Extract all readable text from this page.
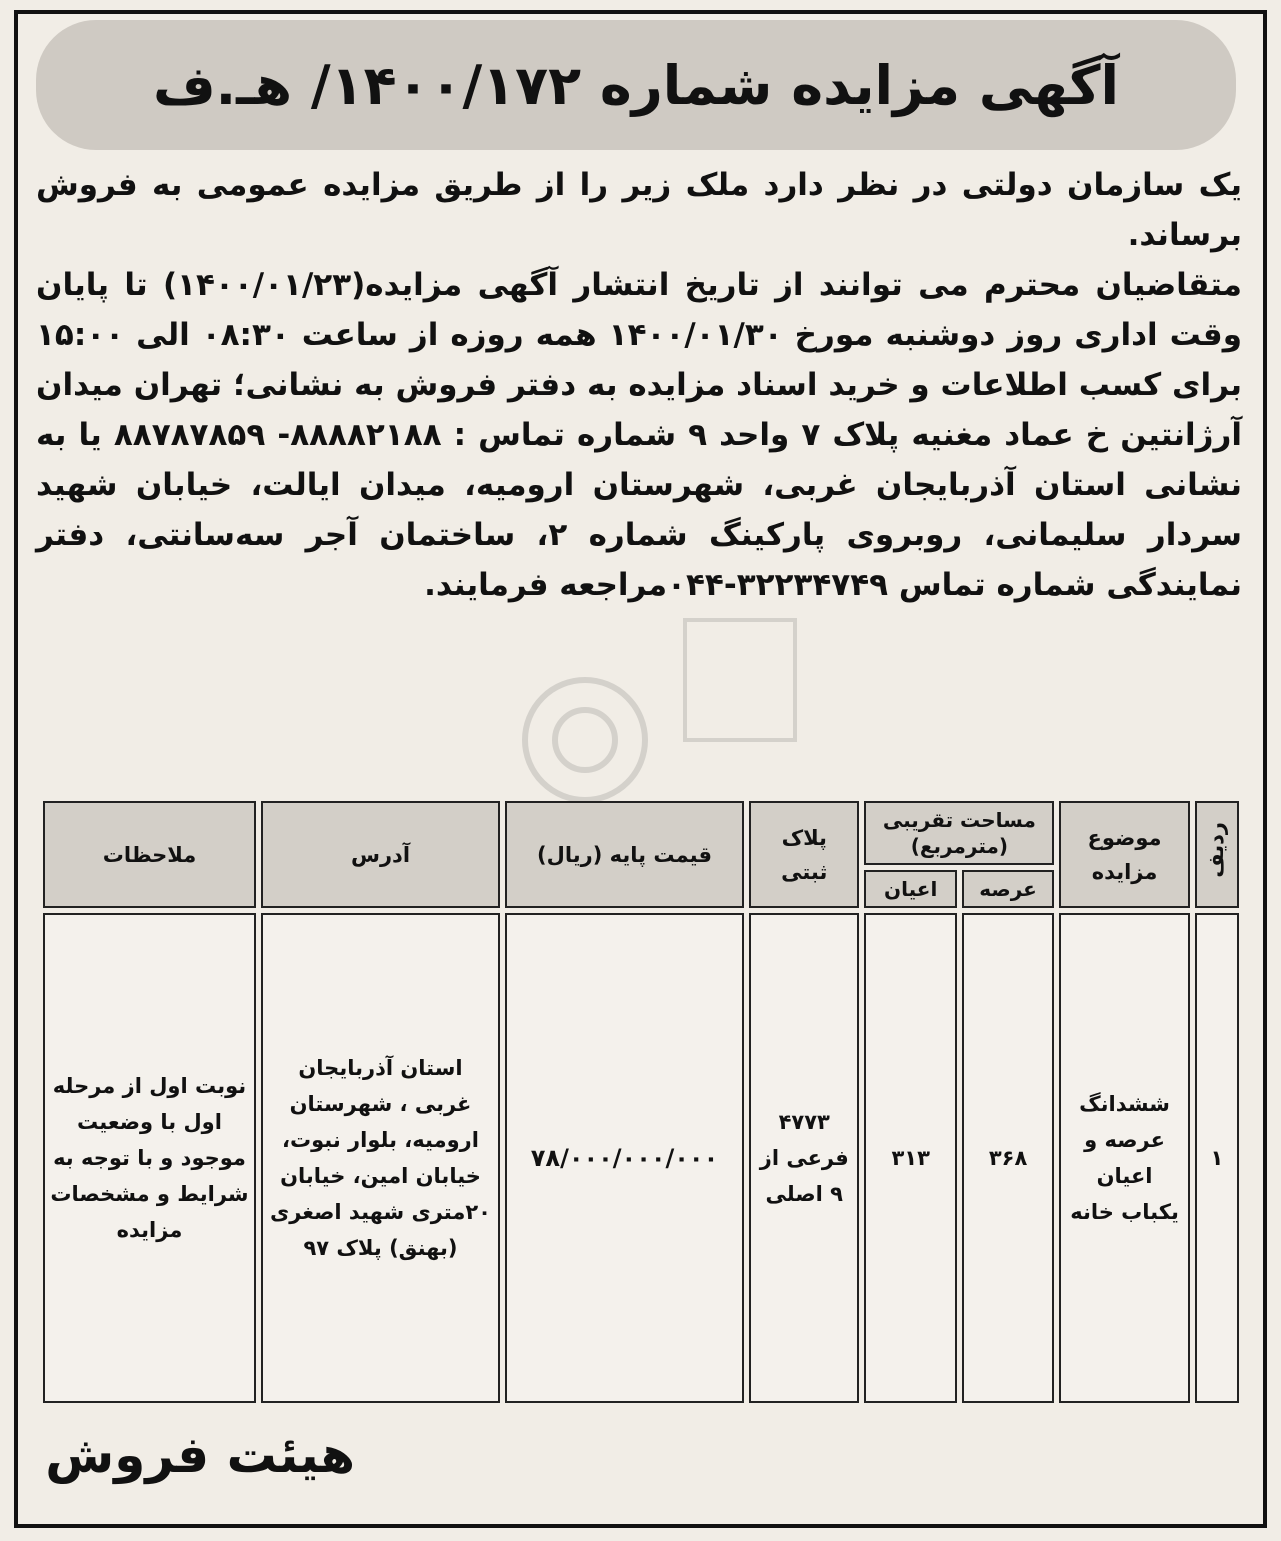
آگهی مزایده شماره ۱۴۰۰/۱۷۲/ هـ.ف

یک سازمان دولتی در نظر دارد ملک زیر را از طریق مزایده عمومی به فروش برساند.

متقاضیان محترم می توانند از تاریخ انتشار آگهی مزایده(۱۴۰۰/۰۱/۲۳) تا پایان وقت اداری روز دوشنبه مورخ ۱۴۰۰/۰۱/۳۰ همه روزه از ساعت ۰۸:۳۰ الی ۱۵:۰۰ برای کسب اطلاعات و خرید اسناد مزایده به دفتر فروش به نشانی؛ تهران میدان آرژانتین خ عماد مغنیه پلاک ۷ واحد ۹ شماره تماس : ۸۸۸۸۲۱۸۸- ۸۸۷۸۷۸۵۹ یا به نشانی استان آذربایجان غربی، شهرستان ارومیه، میدان ایالت، خیابان شهید سردار سلیمانی، روبروی پارکینگ شماره ۲، ساختمان آجر سه‌سانتی، دفتر نمایندگی شماره تماس ۳۲۲۳۴۷۴۹-۰۴۴مراجعه فرمایند.

ردیف	موضوع مزایده	مساحت تقریبی (مترمربع)		پلاک ثبتی	قیمت پایه (ریال)	آدرس	ملاحظات
		عرصه	اعیان				
۱	ششدانگ عرصه و اعیان یکباب خانه	۳۶۸	۳۱۳	۴۷۷۳ فرعی از ۹ اصلی	۷۸/۰۰۰/۰۰۰/۰۰۰	استان آذربایجان غربی ، شهرستان ارومیه، بلوار نبوت، خیابان امین، خیابان ۲۰متری شهید اصغری (بهنق) پلاک ۹۷	نوبت اول از مرحله اول با وضعیت موجود و با توجه به شرایط و مشخصات مزایده
هیئت فروش
